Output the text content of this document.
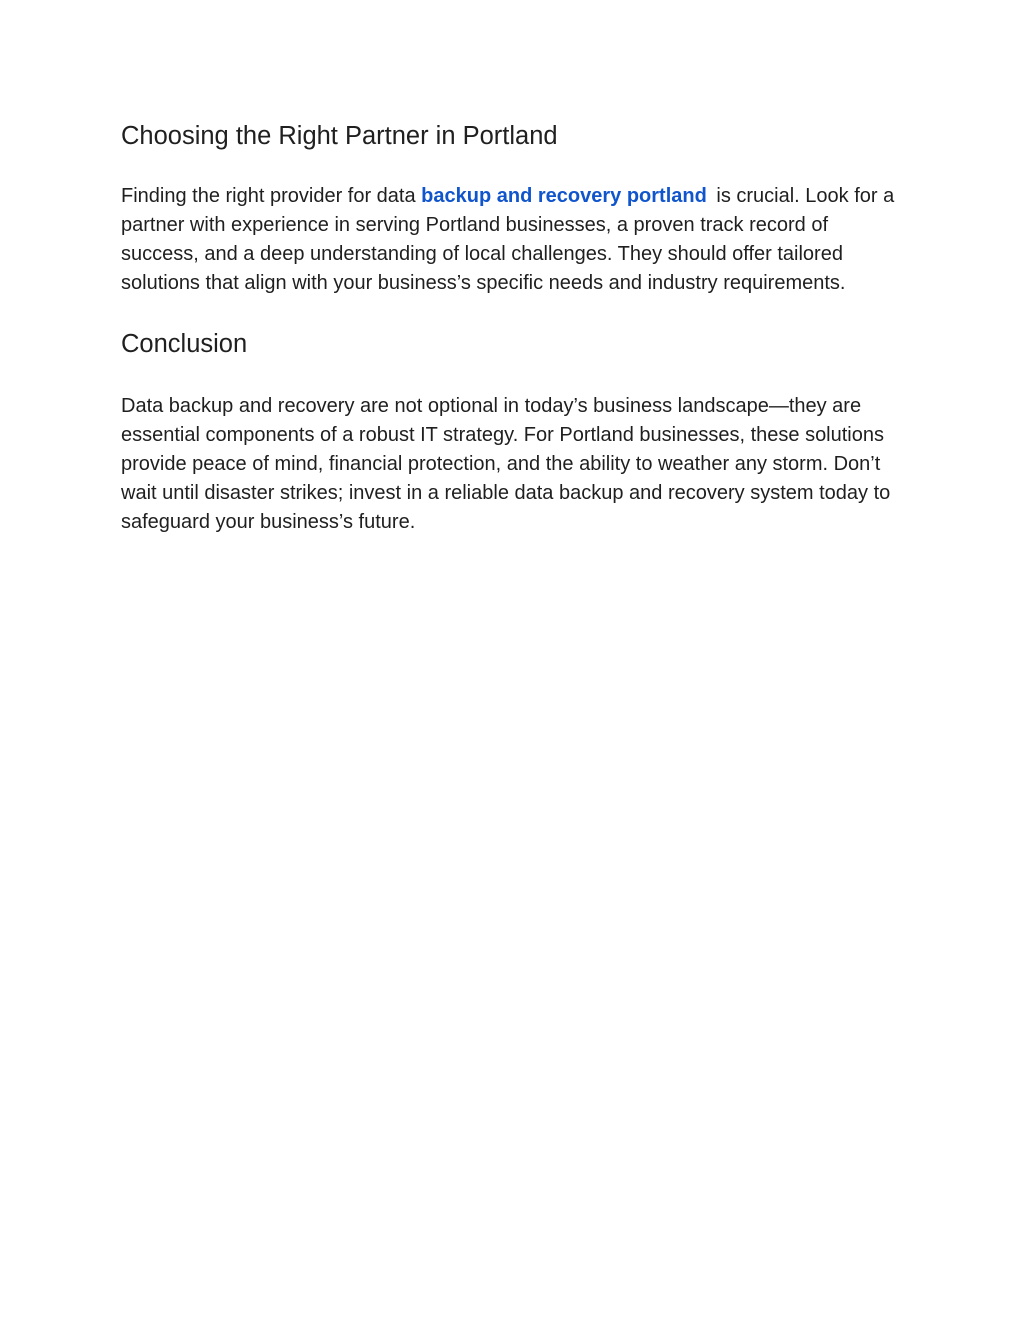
Choosing the Right Partner in Portland

Finding the right provider for data backup and recovery portland is crucial. Look for a partner with experience in serving Portland businesses, a proven track record of success, and a deep understanding of local challenges. They should offer tailored solutions that align with your business’s specific needs and industry requirements.

Conclusion

Data backup and recovery are not optional in today’s business landscape—they are essential components of a robust IT strategy. For Portland businesses, these solutions provide peace of mind, financial protection, and the ability to weather any storm. Don’t wait until disaster strikes; invest in a reliable data backup and recovery system today to safeguard your business’s future.
